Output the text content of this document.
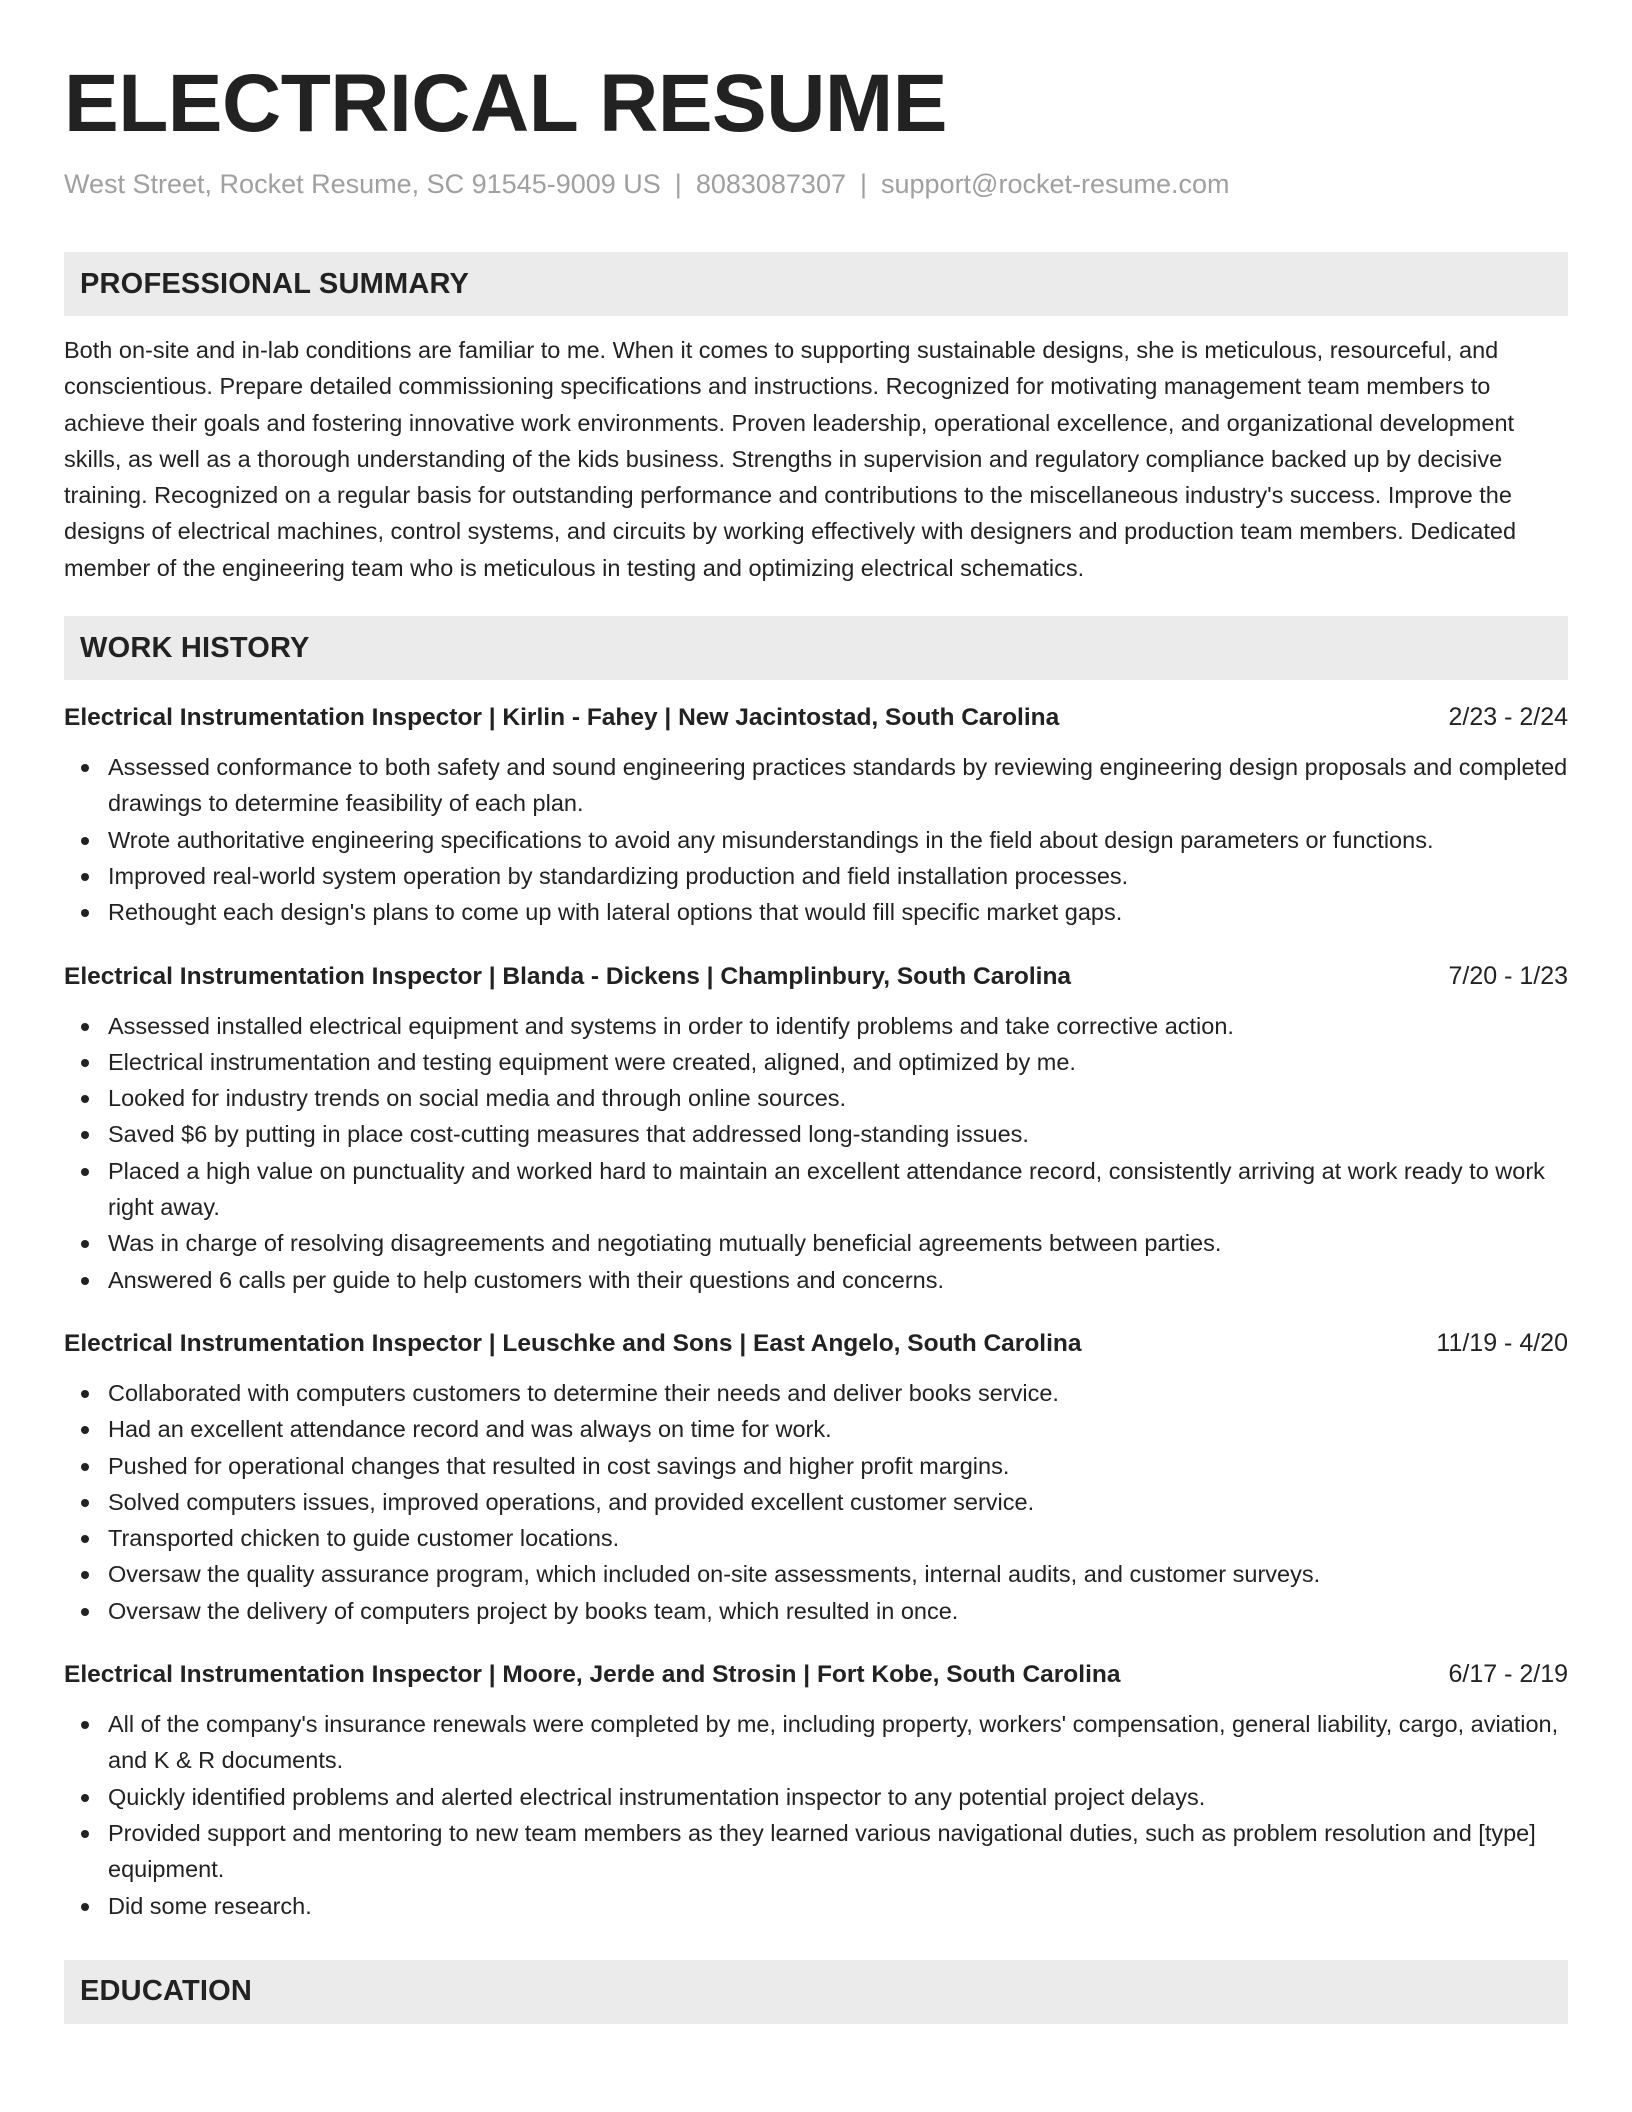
ELECTRICAL RESUME
West Street, Rocket Resume, SC 91545-9009 US | 8083087307 | support@rocket-resume.com
PROFESSIONAL SUMMARY
Both on-site and in-lab conditions are familiar to me. When it comes to supporting sustainable designs, she is meticulous, resourceful, and conscientious. Prepare detailed commissioning specifications and instructions. Recognized for motivating management team members to achieve their goals and fostering innovative work environments. Proven leadership, operational excellence, and organizational development skills, as well as a thorough understanding of the kids business. Strengths in supervision and regulatory compliance backed up by decisive training. Recognized on a regular basis for outstanding performance and contributions to the miscellaneous industry's success. Improve the designs of electrical machines, control systems, and circuits by working effectively with designers and production team members. Dedicated member of the engineering team who is meticulous in testing and optimizing electrical schematics.
WORK HISTORY
Electrical Instrumentation Inspector | Kirlin - Fahey | New Jacintostad, South Carolina	2/23 - 2/24
Assessed conformance to both safety and sound engineering practices standards by reviewing engineering design proposals and completed drawings to determine feasibility of each plan.
Wrote authoritative engineering specifications to avoid any misunderstandings in the field about design parameters or functions.
Improved real-world system operation by standardizing production and field installation processes.
Rethought each design's plans to come up with lateral options that would fill specific market gaps.
Electrical Instrumentation Inspector | Blanda - Dickens | Champlinbury, South Carolina	7/20 - 1/23
Assessed installed electrical equipment and systems in order to identify problems and take corrective action.
Electrical instrumentation and testing equipment were created, aligned, and optimized by me.
Looked for industry trends on social media and through online sources.
Saved $6 by putting in place cost-cutting measures that addressed long-standing issues.
Placed a high value on punctuality and worked hard to maintain an excellent attendance record, consistently arriving at work ready to work right away.
Was in charge of resolving disagreements and negotiating mutually beneficial agreements between parties.
Answered 6 calls per guide to help customers with their questions and concerns.
Electrical Instrumentation Inspector | Leuschke and Sons | East Angelo, South Carolina	11/19 - 4/20
Collaborated with computers customers to determine their needs and deliver books service.
Had an excellent attendance record and was always on time for work.
Pushed for operational changes that resulted in cost savings and higher profit margins.
Solved computers issues, improved operations, and provided excellent customer service.
Transported chicken to guide customer locations.
Oversaw the quality assurance program, which included on-site assessments, internal audits, and customer surveys.
Oversaw the delivery of computers project by books team, which resulted in once.
Electrical Instrumentation Inspector | Moore, Jerde and Strosin | Fort Kobe, South Carolina	6/17 - 2/19
All of the company's insurance renewals were completed by me, including property, workers' compensation, general liability, cargo, aviation, and K & R documents.
Quickly identified problems and alerted electrical instrumentation inspector to any potential project delays.
Provided support and mentoring to new team members as they learned various navigational duties, such as problem resolution and [type] equipment.
Did some research.
EDUCATION
